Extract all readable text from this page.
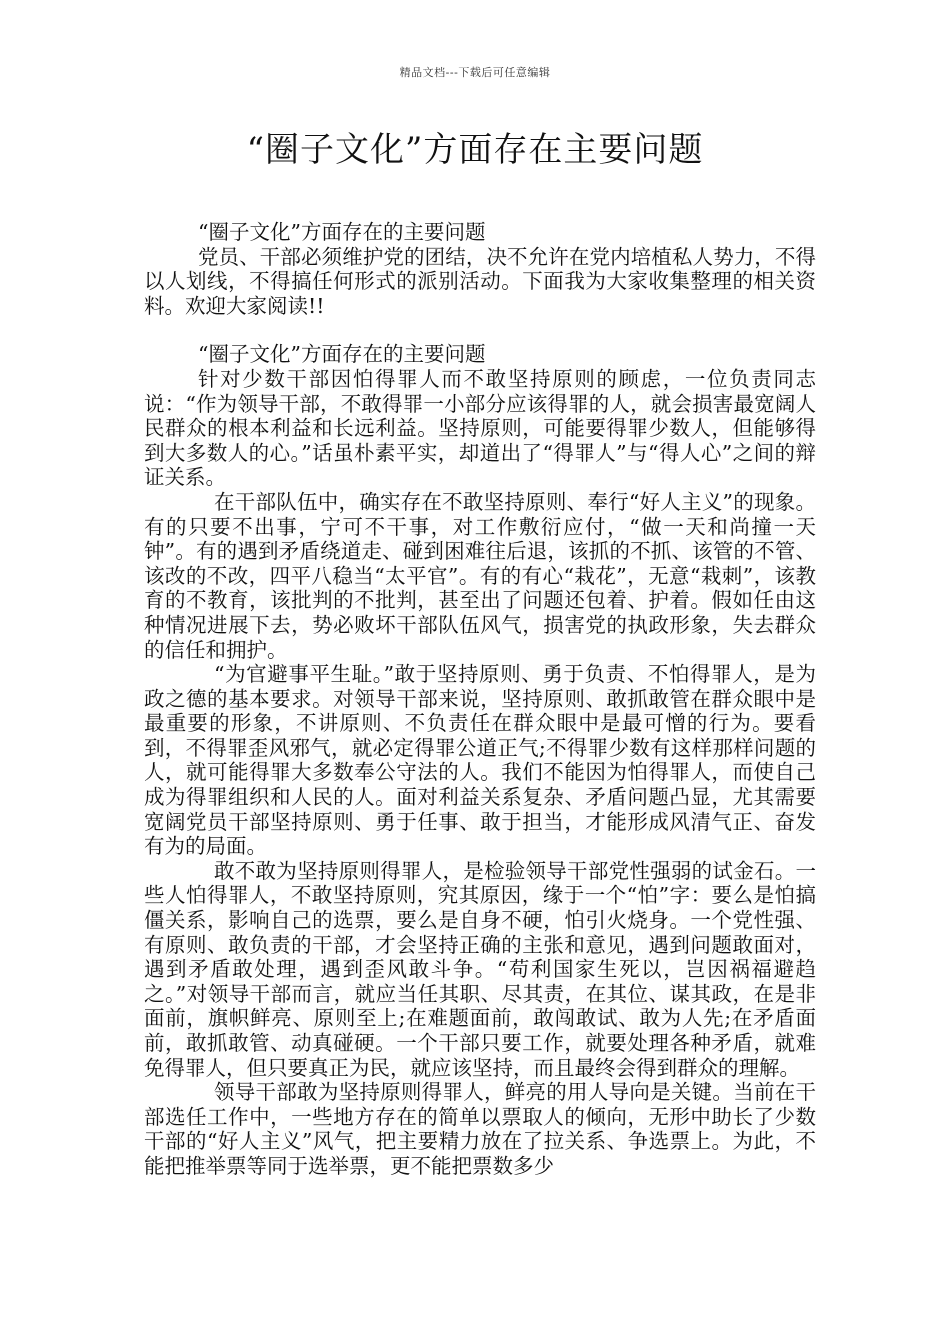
精品文档---下载后可任意编辑
“圈子文化”方面存在主要问题

“圈子文化”方面存在的主要问题

党员、干部必须维护党的团结，决不允许在党内培植私人势力，不得以人划线，不得搞任何形式的派别活动。下面我为大家收集整理的相关资料。欢迎大家阅读!!

“圈子文化”方面存在的主要问题

针对少数干部因怕得罪人而不敢坚持原则的顾虑，一位负责同志说：“作为领导干部，不敢得罪一小部分应该得罪的人，就会损害最宽阔人民群众的根本利益和长远利益。坚持原则，可能要得罪少数人，但能够得到大多数人的心。”话虽朴素平实，却道出了“得罪人”与“得人心”之间的辩证关系。

在干部队伍中，确实存在不敢坚持原则、奉行“好人主义”的现象。有的只要不出事，宁可不干事，对工作敷衍应付，“做一天和尚撞一天钟”。有的遇到矛盾绕道走、碰到困难往后退，该抓的不抓、该管的不管、该改的不改，四平八稳当“太平官”。有的有心“栽花”，无意“栽刺”，该教育的不教育，该批判的不批判，甚至出了问题还包着、护着。假如任由这种情况进展下去，势必败坏干部队伍风气，损害党的执政形象，失去群众的信任和拥护。

“为官避事平生耻。”敢于坚持原则、勇于负责、不怕得罪人，是为政之德的基本要求。对领导干部来说，坚持原则、敢抓敢管在群众眼中是最重要的形象，不讲原则、不负责任在群众眼中是最可憎的行为。要看到，不得罪歪风邪气，就必定得罪公道正气;不得罪少数有这样那样问题的人，就可能得罪大多数奉公守法的人。我们不能因为怕得罪人，而使自己成为得罪组织和人民的人。面对利益关系复杂、矛盾问题凸显，尤其需要宽阔党员干部坚持原则、勇于任事、敢于担当，才能形成风清气正、奋发有为的局面。

敢不敢为坚持原则得罪人，是检验领导干部党性强弱的试金石。一些人怕得罪人，不敢坚持原则，究其原因，缘于一个“怕”字：要么是怕搞僵关系，影响自己的选票，要么是自身不硬，怕引火烧身。一个党性强、有原则、敢负责的干部，才会坚持正确的主张和意见，遇到问题敢面对，遇到矛盾敢处理，遇到歪风敢斗争。“苟利国家生死以，岂因祸福避趋之。”对领导干部而言，就应当任其职、尽其责，在其位、谋其政，在是非面前，旗帜鲜亮、原则至上;在难题面前，敢闯敢试、敢为人先;在矛盾面前，敢抓敢管、动真碰硬。一个干部只要工作，就要处理各种矛盾，就难免得罪人，但只要真正为民，就应该坚持，而且最终会得到群众的理解。

领导干部敢为坚持原则得罪人，鲜亮的用人导向是关键。当前在干部选任工作中，一些地方存在的简单以票取人的倾向，无形中助长了少数干部的“好人主义”风气，把主要精力放在了拉关系、争选票上。为此，不能把推举票等同于选举票，更不能把票数多少
